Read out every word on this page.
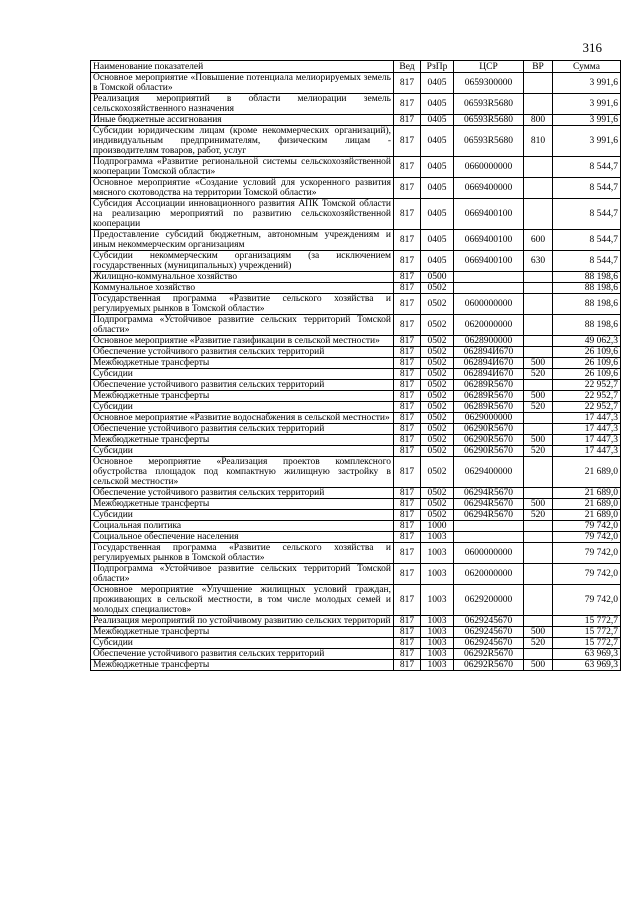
316
Наименование показателей	Вед	РзПр	ЦСР	ВР	Сумма
Основное мероприятие «Повышение потенциала мелиорируемых земель в Томской области»	817	0405	0659300000		3 991,6
Реализация мероприятий в области мелиорации земель сельскохозяйственного назначения	817	0405	06593R5680		3 991,6
Иные бюджетные ассигнования	817	0405	06593R5680	800	3 991,6
Субсидии юридическим лицам (кроме некоммерческих организаций), индивидуальным предпринимателям, физическим лицам - производителям товаров, работ, услуг	817	0405	06593R5680	810	3 991,6
Подпрограмма «Развитие региональной системы сельскохозяйственной кооперации Томской области»	817	0405	0660000000		8 544,7
Основное мероприятие «Создание условий для ускоренного развития мясного скотоводства на территории Томской области»	817	0405	0669400000		8 544,7
Субсидия Ассоциации инновационного развития АПК Томской области на реализацию мероприятий по развитию сельскохозяйственной кооперации	817	0405	0669400100		8 544,7
Предоставление субсидий бюджетным, автономным учреждениям и иным некоммерческим организациям	817	0405	0669400100	600	8 544,7
Субсидии некоммерческим организациям (за исключением государственных (муниципальных) учреждений)	817	0405	0669400100	630	8 544,7
Жилищно-коммунальное хозяйство	817	0500			88 198,6
Коммунальное хозяйство	817	0502			88 198,6
Государственная программа «Развитие сельского хозяйства и регулируемых рынков в Томской области»	817	0502	0600000000		88 198,6
Подпрограмма «Устойчивое развитие сельских территорий Томской области»	817	0502	0620000000		88 198,6
Основное мероприятие «Развитие газификации в сельской местности»	817	0502	0628900000		49 062,3
Обеспечение устойчивого развития сельских территорий	817	0502	062894И670		26 109,6
Межбюджетные трансферты	817	0502	062894И670	500	26 109,6
Субсидии	817	0502	062894И670	520	26 109,6
Обеспечение устойчивого развития сельских территорий	817	0502	06289R5670		22 952,7
Межбюджетные трансферты	817	0502	06289R5670	500	22 952,7
Субсидии	817	0502	06289R5670	520	22 952,7
Основное мероприятие «Развитие водоснабжения в сельской местности»	817	0502	0629000000		17 447,3
Обеспечение устойчивого развития сельских территорий	817	0502	06290R5670		17 447,3
Межбюджетные трансферты	817	0502	06290R5670	500	17 447,3
Субсидии	817	0502	06290R5670	520	17 447,3
Основное мероприятие «Реализация проектов комплексного обустройства площадок под компактную жилищную застройку в сельской местности»	817	0502	0629400000		21 689,0
Обеспечение устойчивого развития сельских территорий	817	0502	06294R5670		21 689,0
Межбюджетные трансферты	817	0502	06294R5670	500	21 689,0
Субсидии	817	0502	06294R5670	520	21 689,0
Социальная политика	817	1000			79 742,0
Социальное обеспечение населения	817	1003			79 742,0
Государственная программа «Развитие сельского хозяйства и регулируемых рынков в Томской области»	817	1003	0600000000		79 742,0
Подпрограмма «Устойчивое развитие сельских территорий Томской области»	817	1003	0620000000		79 742,0
Основное мероприятие «Улучшение жилищных условий граждан, проживающих в сельской местности, в том числе молодых семей и молодых специалистов»	817	1003	0629200000		79 742,0
Реализация мероприятий по устойчивому развитию сельских территорий	817	1003	0629245670		15 772,7
Межбюджетные трансферты	817	1003	0629245670	500	15 772,7
Субсидии	817	1003	0629245670	520	15 772,7
Обеспечение устойчивого развития сельских территорий	817	1003	06292R5670		63 969,3
Межбюджетные трансферты	817	1003	06292R5670	500	63 969,3
